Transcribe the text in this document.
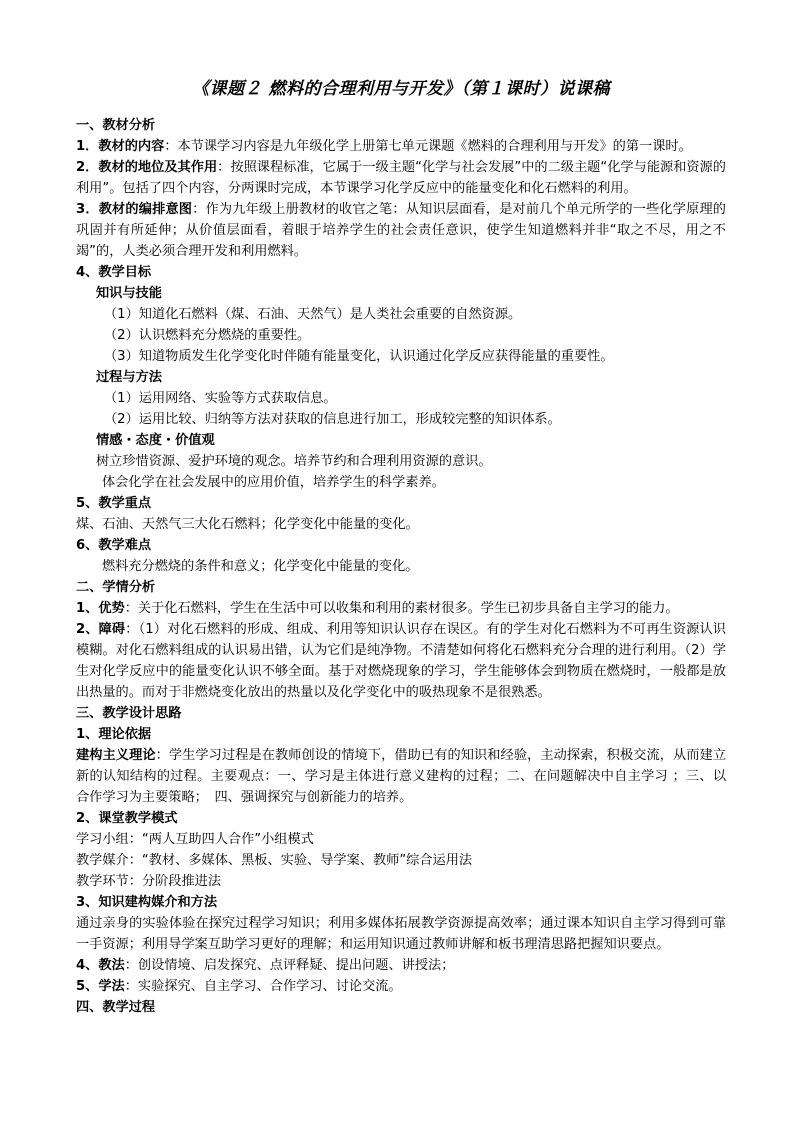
《课题２ 燃料的合理利用与开发》（第１课时）说课稿
一、教材分析
1．教材的内容：本节课学习内容是九年级化学上册第七单元课题《燃料的合理利用与开发》的第一课时。
2．教材的地位及其作用：按照课程标准，它属于一级主题“化学与社会发展”中的二级主题“化学与能源和资源的利用”。包括了四个内容，分两课时完成，本节课学习化学反应中的能量变化和化石燃料的利用。
3．教材的编排意图：作为九年级上册教材的收官之笔：从知识层面看，是对前几个单元所学的一些化学原理的巩固并有所延伸；从价值层面看，着眼于培养学生的社会责任意识，使学生知道燃料并非“取之不尽，用之不竭”的，人类必须合理开发和利用燃料。
4、教学目标
知识与技能
（1）知道化石燃料（煤、石油、天然气）是人类社会重要的自然资源。
（2）认识燃料充分燃烧的重要性。
（3）知道物质发生化学变化时伴随有能量变化，认识通过化学反应获得能量的重要性。
过程与方法
（1）运用网络、实验等方式获取信息。
（2）运用比较、归纳等方法对获取的信息进行加工，形成较完整的知识体系。
情感・态度・价值观
树立珍惜资源、爱护环境的观念。培养节约和合理利用资源的意识。
体会化学在社会发展中的应用价值，培养学生的科学素养。
5、教学重点
煤、石油、天然气三大化石燃料；化学变化中能量的变化。
6、教学难点
燃料充分燃烧的条件和意义；化学变化中能量的变化。
二、学情分析
1、优势：关于化石燃料，学生在生活中可以收集和利用的素材很多。学生已初步具备自主学习的能力。
2、障碍：（1）对化石燃料的形成、组成、利用等知识认识存在误区。有的学生对化石燃料为不可再生资源认识模糊。对化石燃料组成的认识易出错，认为它们是纯净物。不清楚如何将化石燃料充分合理的进行利用。（2）学生对化学反应中的能量变化认识不够全面。基于对燃烧现象的学习，学生能够体会到物质在燃烧时，一般都是放出热量的。而对于非燃烧变化放出的热量以及化学变化中的吸热现象不是很熟悉。
三、教学设计思路
1、理论依据
建构主义理论：学生学习过程是在教师创设的情境下，借助已有的知识和经验，主动探索，积极交流，从而建立新的认知结构的过程。主要观点：一、学习是主体进行意义建构的过程；二、在问题解决中自主学习 ；三、以合作学习为主要策略；　四、强调探究与创新能力的培养。
2、课堂教学模式
学习小组：“两人互助四人合作”小组模式
教学媒介：“教材、多媒体、黑板、实验、导学案、教师”综合运用法
教学环节：分阶段推进法
3、知识建构媒介和方法
通过亲身的实验体验在探究过程学习知识；利用多媒体拓展教学资源提高效率；通过课本知识自主学习得到可靠一手资源；利用导学案互助学习更好的理解；和运用知识通过教师讲解和板书理清思路把握知识要点。
4、教法：创设情境、启发探究、点评释疑、提出问题、讲授法；
5、学法：实验探究、自主学习、合作学习、讨论交流。
四、教学过程
